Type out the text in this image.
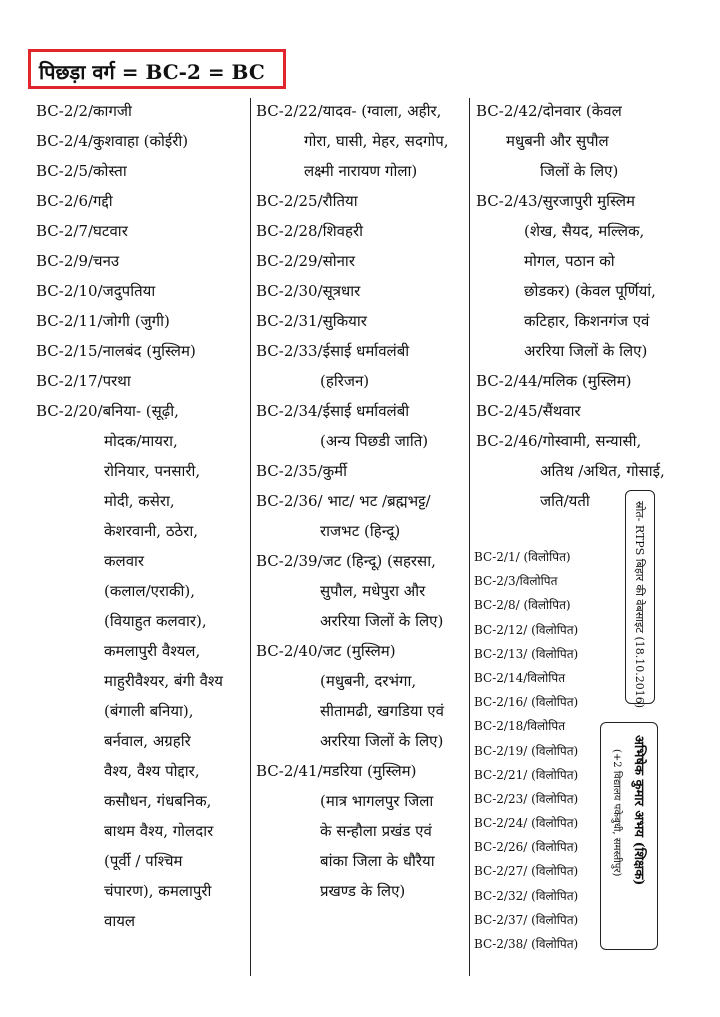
पिछड़ा वर्ग = BC-2 = BC
BC-2/2/कागजी
BC-2/4/कुशवाहा (कोईरी)
BC-2/5/कोस्ता
BC-2/6/गद्दी
BC-2/7/घटवार
BC-2/9/चनउ
BC-2/10/जदुपतिया
BC-2/11/जोगी (जुगी)
BC-2/15/नालबंद (मुस्लिम)
BC-2/17/परथा
BC-2/20/बनिया- (सूढ़ी,
मोदक/मायरा,
रोनियार, पनसारी,
मोदी, कसेरा,
केशरवानी, ठठेरा,
कलवार
(कलाल/एराकी),
(वियाहुत कलवार),
कमलापुरी वैश्यल,
माहुरीवैश्यर, बंगी वैश्य
(बंगाली बनिया),
बर्नवाल, अग्रहरि
वैश्य, वैश्य पोद्दार,
कसौधन, गंधबनिक,
बाथम वैश्य, गोलदार
(पूर्वी / पश्चिम
चंपारण), कमलापुरी
वायल
BC-2/22/यादव- (ग्वाला, अहीर,
गोरा, घासी, मेहर, सदगोप,
लक्ष्मी नारायण गोला)
BC-2/25/रौतिया
BC-2/28/शिवहरी
BC-2/29/सोनार
BC-2/30/सूत्रधार
BC-2/31/सुकियार
BC-2/33/ईसाई धर्मावलंबी
(हरिजन)
BC-2/34/ईसाई धर्मावलंबी
(अन्य पिछडी जाति)
BC-2/35/कुर्मी
BC-2/36/ भाट/ भट /ब्रह्मभट्ट/
राजभट (हिन्दू)
BC-2/39/जट (हिन्दू) (सहरसा,
सुपौल, मधेपुरा और
अररिया जिलों के लिए)
BC-2/40/जट (मुस्लिम)
(मधुबनी, दरभंगा,
सीतामढी, खगडिया एवं
अररिया जिलों के लिए)
BC-2/41/मडरिया (मुस्लिम)
(मात्र भागलपुर जिला
के सन्हौला प्रखंड एवं
बांका जिला के धौरैया
प्रखण्ड के लिए)
BC-2/42/दोनवार (केवल
मधुबनी और सुपौल
जिलों के लिए)
BC-2/43/सुरजापुरी मुस्लिम
(शेख, सैयद, मल्लिक,
मोगल, पठान को
छोडकर) (केवल पूर्णियां,
कटिहार, किशनगंज एवं
अररिया जिलों के लिए)
BC-2/44/मलिक (मुस्लिम)
BC-2/45/सैंथवार
BC-2/46/गोस्वामी, सन्यासी,
अतिथ /अथित, गोसाई,
जति/यती
BC-2/1/ (विलोपित)
BC-2/3/विलोपित
BC-2/8/ (विलोपित)
BC-2/12/ (विलोपित)
BC-2/13/ (विलोपित)
BC-2/14/विलोपित
BC-2/16/ (विलोपित)
BC-2/18/विलोपित
BC-2/19/ (विलोपित)
BC-2/21/ (विलोपित)
BC-2/23/ (विलोपित)
BC-2/24/ (विलोपित)
BC-2/26/ (विलोपित)
BC-2/27/ (विलोपित)
BC-2/32/ (विलोपित)
BC-2/37/ (विलोपित)
BC-2/38/ (विलोपित)
स्रोत- RTPS बिहार की वेबसाइट (18.10.2016)
अभिषेक कुमार अभय (शिक्षक)
(+2 विद्यालय पकेबुधी, समस्तीपुर)
